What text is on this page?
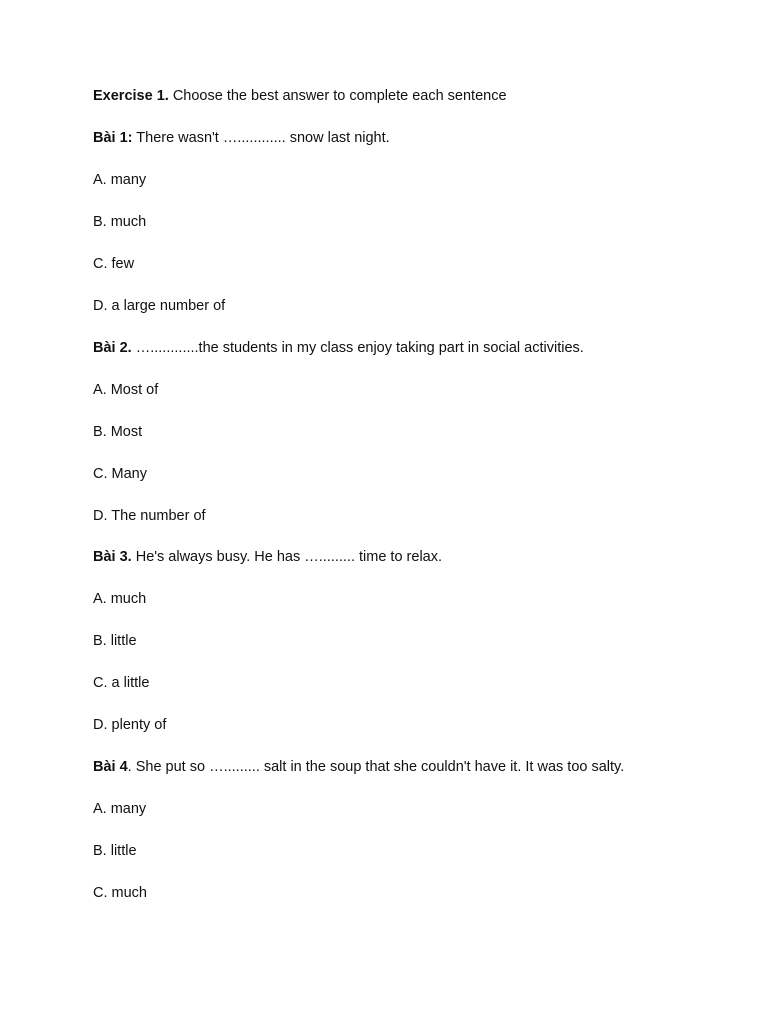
Exercise 1. Choose the best answer to complete each sentence
Bài 1: There wasn't …............ snow last night.
A. many
B. much
C. few
D. a large number of
Bài 2. …............the students in my class enjoy taking part in social activities.
A. Most of
B. Most
C. Many
D. The number of
Bài 3. He's always busy. He has …......... time to relax.
A. much
B. little
C. a little
D. plenty of
Bài 4. She put so …......... salt in the soup that she couldn't have it. It was too salty.
A. many
B. little
C. much
